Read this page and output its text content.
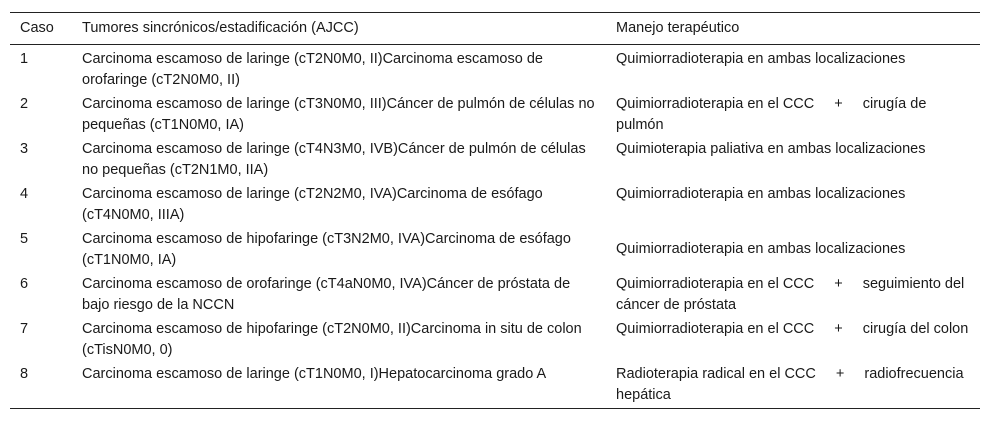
Caso	Tumores sincrónicos/estadificación (AJCC)	Manejo terapéutico
1	Carcinoma escamoso de laringe (cT2N0M0, II)Carcinoma escamoso de orofaringe (cT2N0M0, II)	Quimiorradioterapia en ambas localizaciones
2	Carcinoma escamoso de laringe (cT3N0M0, III)Cáncer de pulmón de células no pequeñas (cT1N0M0, IA)	Quimiorradioterapia en el CCC + cirugía de pulmón
3	Carcinoma escamoso de laringe (cT4N3M0, IVB)Cáncer de pulmón de células no pequeñas (cT2N1M0, IIA)	Quimioterapia paliativa en ambas localizaciones
4	Carcinoma escamoso de laringe (cT2N2M0, IVA)Carcinoma de esófago (cT4N0M0, IIIA)	Quimiorradioterapia en ambas localizaciones
5	Carcinoma escamoso de hipofaringe (cT3N2M0, IVA)Carcinoma de esófago (cT1N0M0, IA)	Quimiorradioterapia en ambas localizaciones
6	Carcinoma escamoso de orofaringe (cT4aN0M0, IVA)Cáncer de próstata de bajo riesgo de la NCCN	Quimiorradioterapia en el CCC + seguimiento del cáncer de próstata
7	Carcinoma escamoso de hipofaringe (cT2N0M0, II)Carcinoma in situ de colon (cTisN0M0, 0)	Quimiorradioterapia en el CCC + cirugía del colon
8	Carcinoma escamoso de laringe (cT1N0M0, I)Hepatocarcinoma grado A	Radioterapia radical en el CCC + radiofrecuencia hepática
